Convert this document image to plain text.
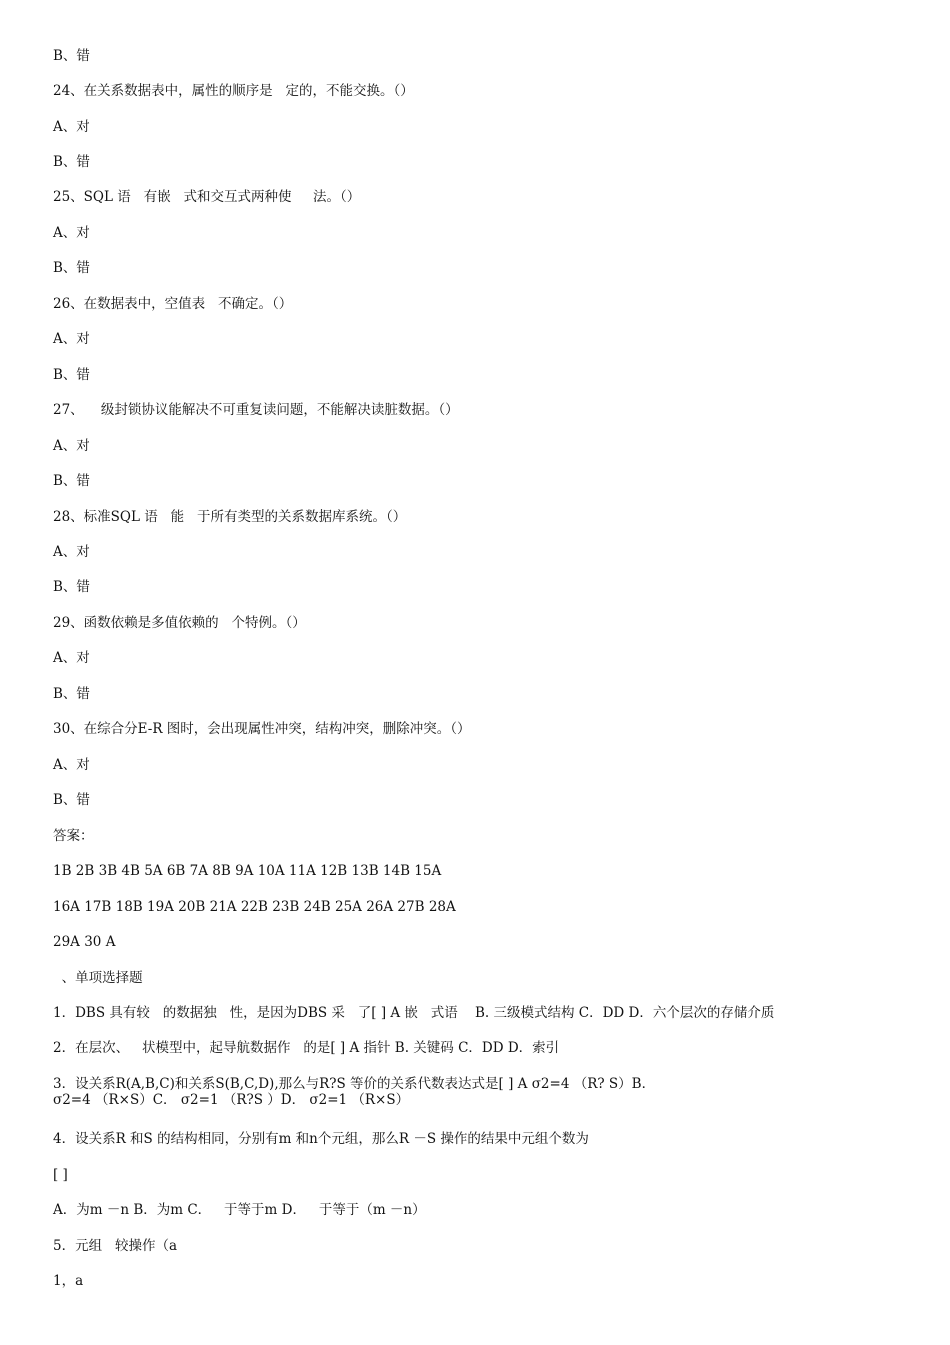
B、错
24、在关系数据表中，属性的顺序是   定的，不能交换。（）
A、对
B、错
25、SQL 语   有嵌   式和交互式两种使     法。（）
A、对
B、错
26、在数据表中，空值表   不确定。（）
A、对
B、错
27、    级封锁协议能解决不可重复读问题，不能解决读脏数据。（）
A、对
B、错
28、标准SQL 语   能   于所有类型的关系数据库系统。（）
A、对
B、错
29、函数依赖是多值依赖的   个特例。（）
A、对
B、错
30、在综合分E-R 图时，会出现属性冲突，结构冲突，删除冲突。（）
A、对
B、错
答案：
1B 2B 3B 4B 5A 6B 7A 8B 9A 10A 11A 12B 13B 14B 15A
16A 17B 18B 19A 20B 21A 22B 23B 24B 25A 26A 27B 28A
29A 30 A
、单项选择题
1．DBS 具有较   的数据独   性，是因为DBS 采   了[ ] A 嵌   式语    B. 三级模式结构 C．DD D．六个层次的存储介质
2．在层次、   状模型中，起导航数据作   的是[ ] A 指针 B. 关键码 C．DD D．索引
3．设关系R(A,B,C)和关系S(B,C,D),那么与R?S 等价的关系代数表达式是[ ] A σ2=4 （R? S）B． σ2=4 （R×S）C． σ2=1 （R?S ）D． σ2=1 （R×S）
4．设关系R 和S 的结构相同，分别有m 和n个元组，那么R －S 操作的结果中元组个数为
[ ]
A．为m －n B．为m C．   于等于m D．   于等于（m －n）
5．元组   较操作（a
1，a
